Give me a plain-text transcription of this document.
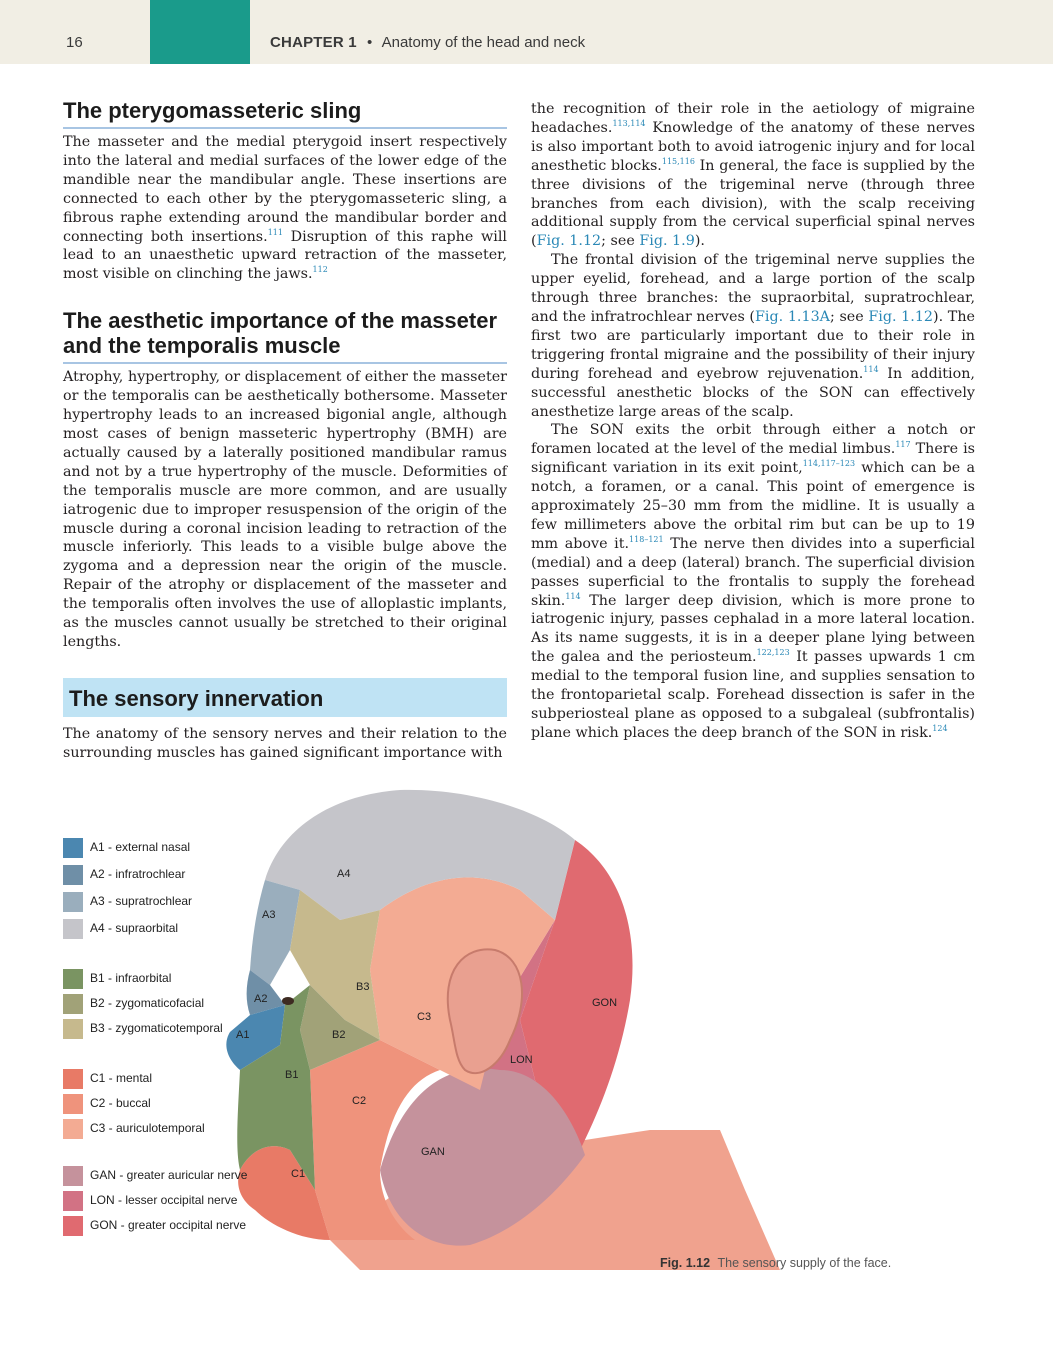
16	CHAPTER 1 • Anatomy of the head and neck
The pterygomasseteric sling

The masseter and the medial pterygoid insert respectively into the lateral and medial surfaces of the lower edge of the mandible near the mandibular angle. These insertions are connected to each other by the pterygomasseteric sling, a fibrous raphe extending around the mandibular border and connecting both insertions.$^{111}$ Disruption of this raphe will lead to an unaesthetic upward retraction of the masseter, most visible on clinching the jaws.$^{112}$

The aesthetic importance of the masseter and the temporalis muscle

Atrophy, hypertrophy, or displacement of either the masseter or the temporalis can be aesthetically bothersome. Masseter hypertrophy leads to an increased bigonial angle, although most cases of benign masseteric hypertrophy (BMH) are actually caused by a laterally positioned mandibular ramus and not by a true hypertrophy of the muscle. Deformities of the temporalis muscle are more common, and are usually iatrogenic due to improper resuspension of the origin of the muscle during a coronal incision leading to retraction of the muscle inferiorly. This leads to a visible bulge above the zygoma and a depression near the origin of the muscle. Repair of the atrophy or displacement of the masseter and the temporalis often involves the use of alloplastic implants, as the muscles cannot usually be stretched to their original lengths.

The sensory innervation

The anatomy of the sensory nerves and their relation to the surrounding muscles has gained significant importance with

the recognition of their role in the aetiology of migraine headaches.$^{113,114}$ Knowledge of the anatomy of these nerves is also important both to avoid iatrogenic injury and for local anesthetic blocks.$^{115,116}$ In general, the face is supplied by the three divisions of the trigeminal nerve (through three branches from each division), with the scalp receiving additional supply from the cervical superficial spinal nerves (Fig. 1.12; see Fig. 1.9).

The frontal division of the trigeminal nerve supplies the upper eyelid, forehead, and a large portion of the scalp through three branches: the supraorbital, supratrochlear, and the infratrochlear nerves (Fig. 1.13A; see Fig. 1.12). The first two are particularly important due to their role in triggering frontal migraine and the possibility of their injury during forehead and eyebrow rejuvenation.$^{114}$ In addition, successful anesthetic blocks of the SON can effectively anesthetize large areas of the scalp.

The SON exits the orbit through either a notch or foramen located at the level of the medial limbus.$^{117}$ There is significant variation in its exit point,$^{114,117-123}$ which can be a notch, a foramen, or a canal. This point of emergence is approximately 25–30 mm from the midline. It is usually a few millimeters above the orbital rim but can be up to 19 mm above it.$^{118-121}$ The nerve then divides into a superficial (medial) and a deep (lateral) branch. The superficial division passes superficial to the frontalis to supply the forehead skin.$^{114}$ The larger deep division, which is more prone to iatrogenic injury, passes cephalad in a more lateral location. As its name suggests, it is in a deeper plane lying between the galea and the periosteum.$^{122,123}$ It passes upwards 1 cm medial to the temporal fusion line, and supplies sensation to the frontoparietal scalp. Forehead dissection is safer in the subperiosteal plane as opposed to a subgaleal (subfrontalis) plane which places the deep branch of the SON in risk.$^{124}$

A1
A2
A3
A4
B1
B2
B3
C1
C2
C3
GAN
LON
GON
A1 - external nasal
A2 - infratrochlear
A3 - supratrochlear
A4 - supraorbital
B1 - infraorbital
B2 - zygomaticofacial
B3 - zygomaticotemporal
C1 - mental
C2 - buccal
C3 - auriculotemporal
GAN - greater auricular nerve
LON - lesser occipital nerve
GON - greater occipital nerve
Fig. 1.12 The sensory supply of the face.
